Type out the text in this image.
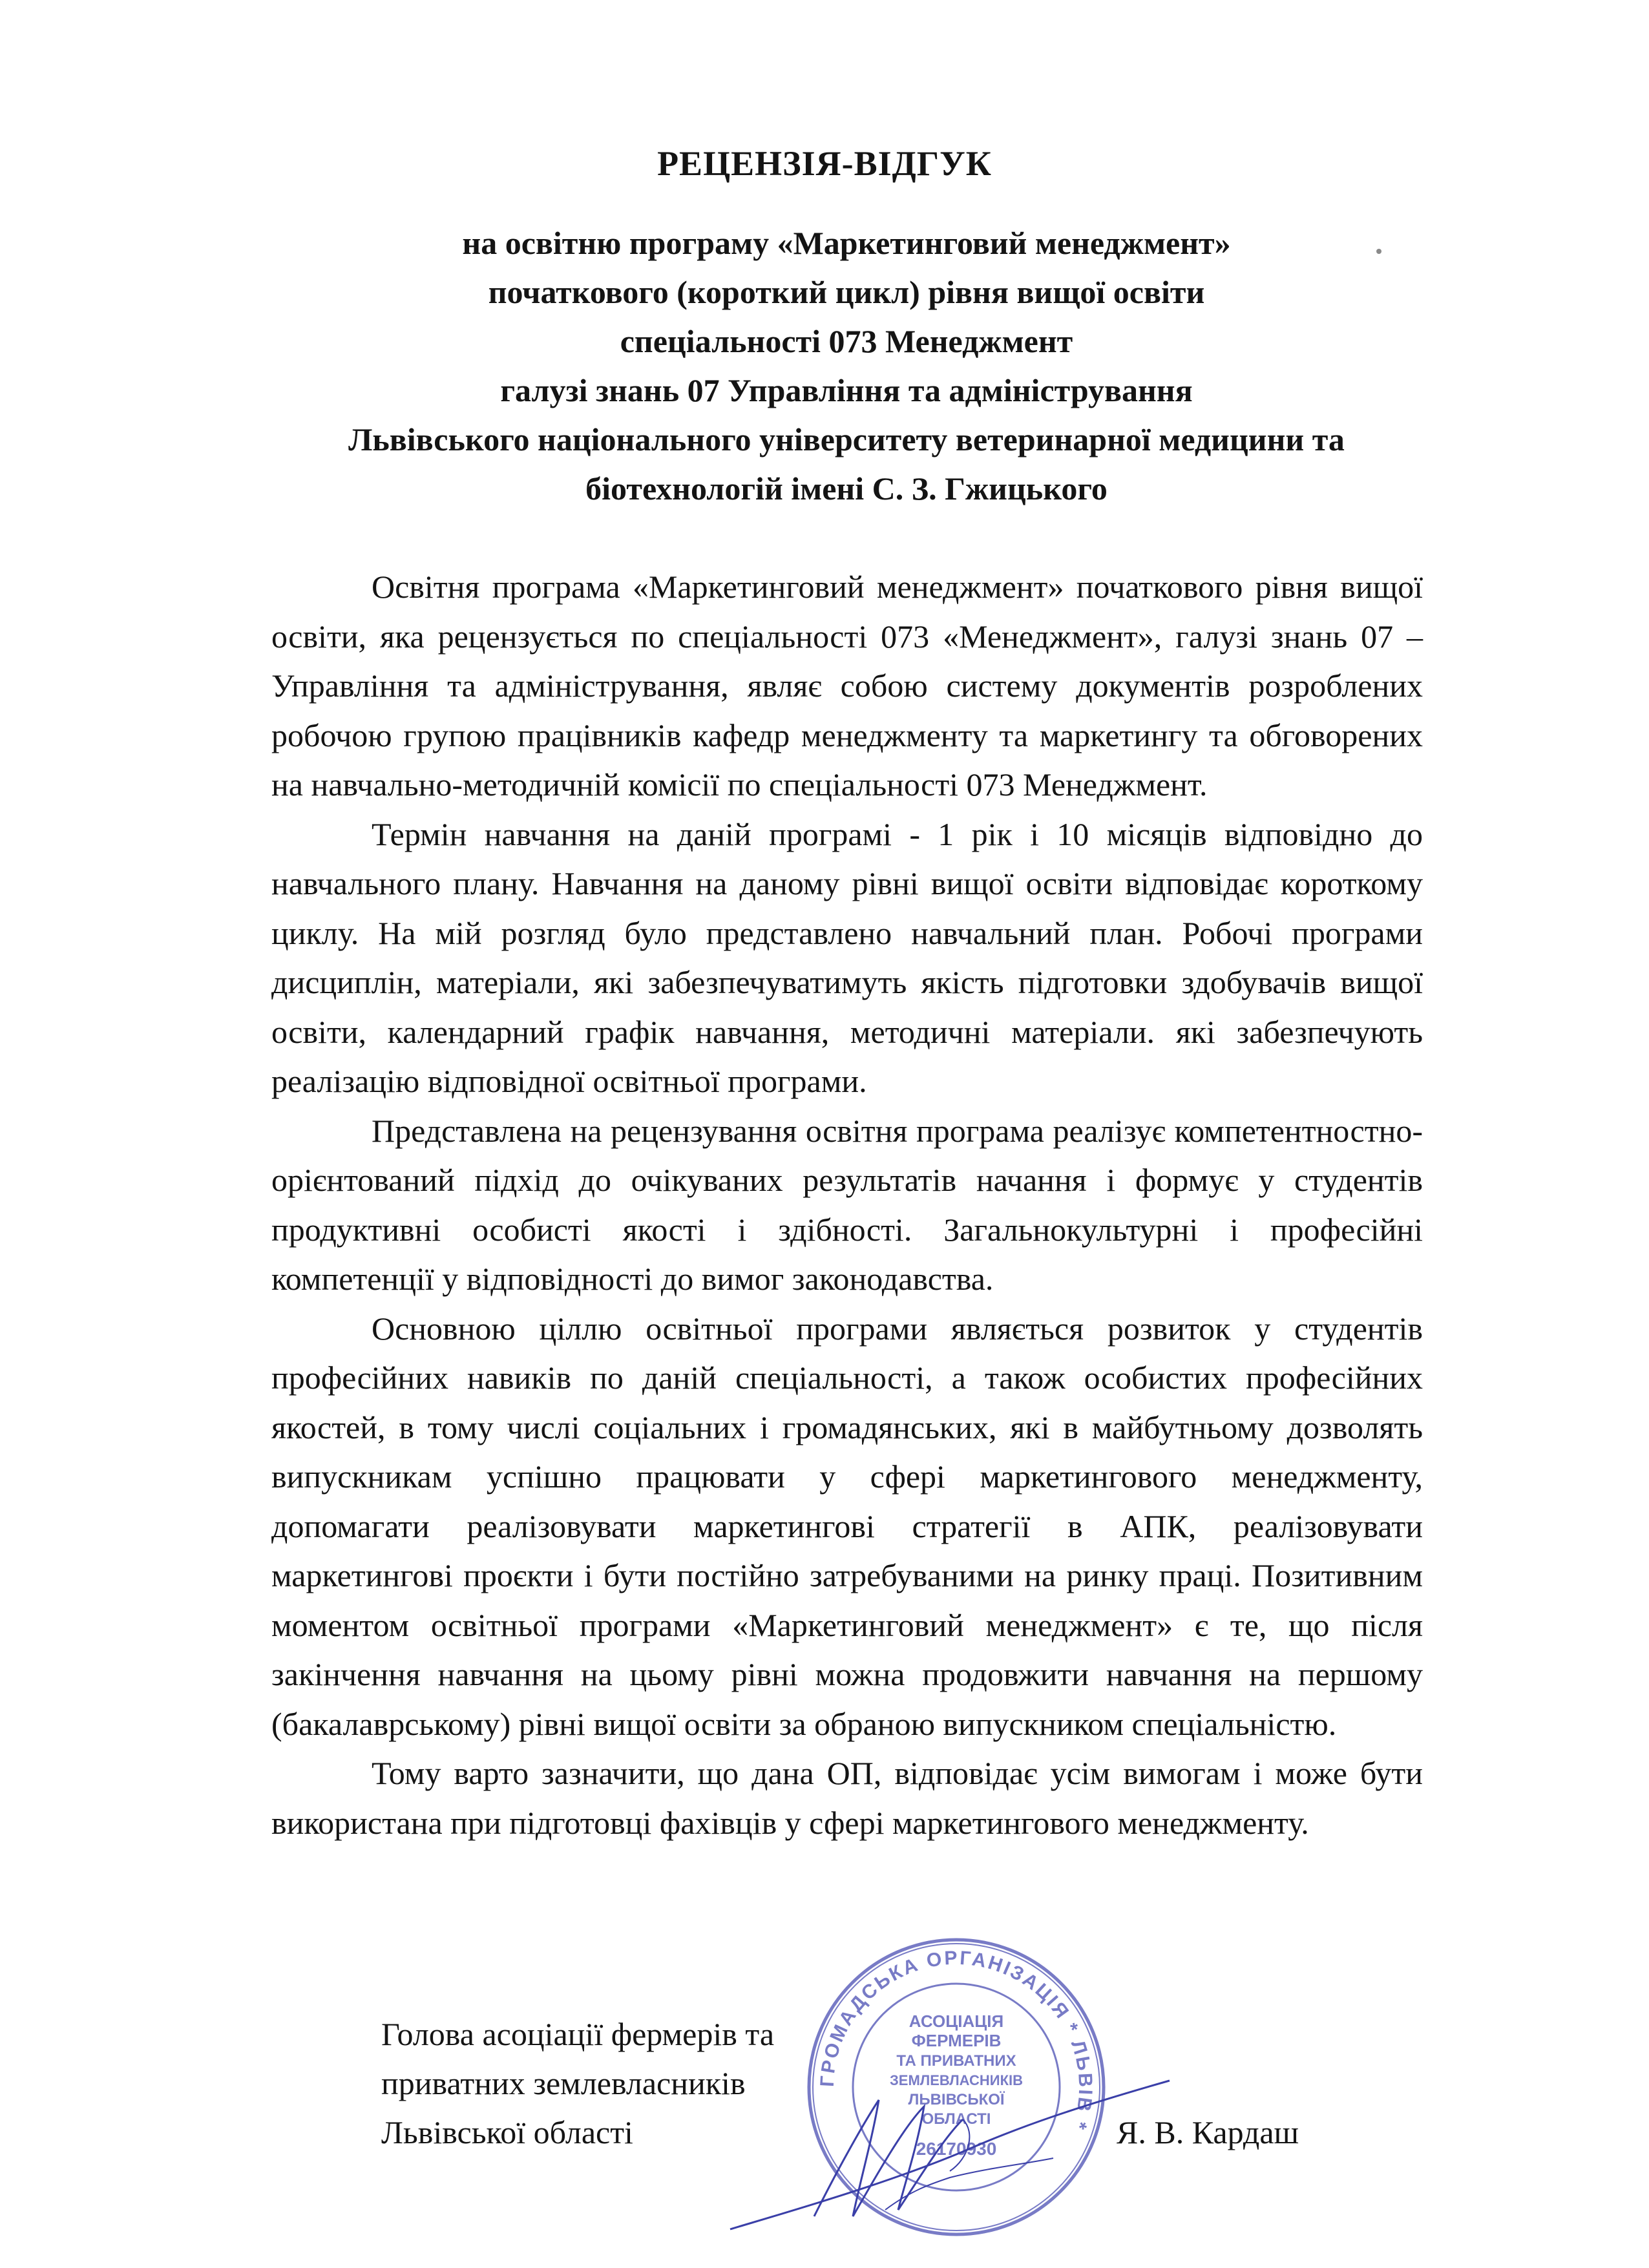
РЕЦЕНЗІЯ-ВІДГУК
на освітню програму «Маркетинговий менеджмент»
початкового (короткий цикл) рівня вищої освіти
спеціальності 073 Менеджмент
галузі знань 07 Управління та адміністрування
Львівського національного університету ветеринарної медицини та
біотехнологій імені С. З. Гжицького

Освітня програма «Маркетинговий менеджмент» початкового рівня вищої освіти, яка рецензується по спеціальності 073 «Менеджмент», галузі знань 07 – Управління та адміністрування, являє собою систему документів розроблених робочою групою працівників кафедр менеджменту та маркетингу та обговорених на навчально-методичній комісії по спеціальності 073 Менеджмент.

Термін навчання на даній програмі - 1 рік і 10 місяців відповідно до навчального плану. Навчання на даному рівні вищої освіти відповідає короткому циклу. На мій розгляд було представлено навчальний план. Робочі програми дисциплін, матеріали, які забезпечуватимуть якість підготовки здобувачів вищої освіти, календарний графік навчання, методичні матеріали. які забезпечують реалізацію відповідної освітньої програми.

Представлена на рецензування освітня програма реалізує компетентностно-орієнтований підхід до очікуваних результатів начання і формує у студентів продуктивні особисті якості і здібності. Загальнокультурні і професійні компетенції у відповідності до вимог законодавства.

Основною ціллю освітньої програми являється розвиток у студентів професійних навиків по даній спеціальності, а також особистих професійних якостей, в тому числі соціальних і громадянських, які в майбутньому дозволять випускникам успішно працювати у сфері маркетингового менеджменту, допомагати реалізовувати маркетингові стратегії в АПК, реалізовувати маркетингові проєкти і бути постійно затребуваними на ринку праці. Позитивним моментом освітньої програми «Маркетинговий менеджмент» є те, що після закінчення навчання на цьому рівні можна продовжити навчання на першому (бакалаврському) рівні вищої освіти за обраною випускником спеціальністю.

Тому варто зазначити, що дана ОП, відповідає усім вимогам і може бути використана при підготовці фахівців у сфері маркетингового менеджменту.

ГРОМАДСЬКА ОРГАНІЗАЦІЯ * ЛЬВІВ *
АСОЦІАЦІЯ
ФЕРМЕРІВ
ТА ПРИВАТНИХ
ЗЕМЛЕВЛАСНИКІВ
ЛЬВІВСЬКОЇ
ОБЛАСТІ
26170930
Голова асоціації фермерів та
приватних землевласників
Львівської області	Я. В. Кардаш
